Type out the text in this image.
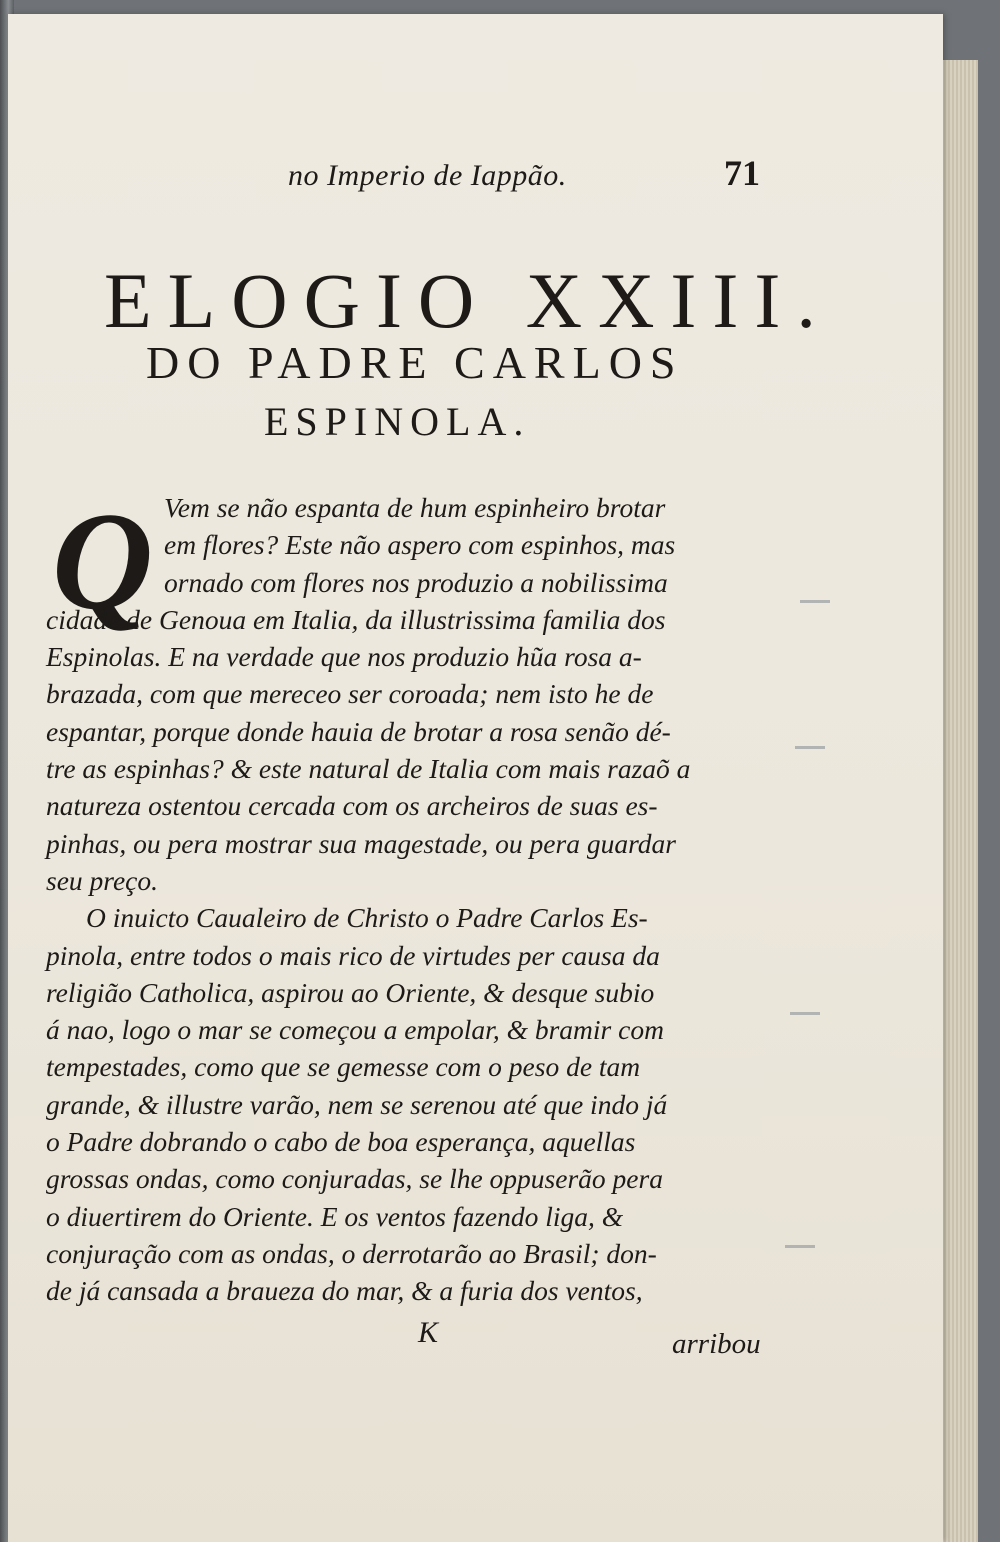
no Imperio de Iappão.	71
ELOGIO XXIII.
DO PADRE CARLOS
ESPINOLA.
Q Vem se não espanta de hum espinheiro brotar
em flores? Este não aspero com espinhos, mas
ornado com flores nos produzio a nobilissima
cidade de Genoua em Italia, da illustrissima familia dos
Espinolas. E na verdade que nos produzio hũa rosa a-
brazada, com que mereceo ser coroada; nem isto he de
espantar, porque donde hauia de brotar a rosa senão dé-
tre as espinhas? & este natural de Italia com mais razaõ a
natureza ostentou cercada com os archeiros de suas es-
pinhas, ou pera mostrar sua magestade, ou pera guardar
seu preço.
O inuicto Caualeiro de Christo o Padre Carlos Es-
pinola, entre todos o mais rico de virtudes per causa da
religião Catholica, aspirou ao Oriente, & desque subio
á nao, logo o mar se começou a empolar, & bramir com
tempestades, como que se gemesse com o peso de tam
grande, & illustre varão, nem se serenou até que indo já
o Padre dobrando o cabo de boa esperança, aquellas
grossas ondas, como conjuradas, se lhe oppuserão pera
o diuertirem do Oriente. E os ventos fazendo liga, &
conjuração com as ondas, o derrotarão ao Brasil; don-
de já cansada a braueza do mar, & a furia dos ventos,
K	arribou
